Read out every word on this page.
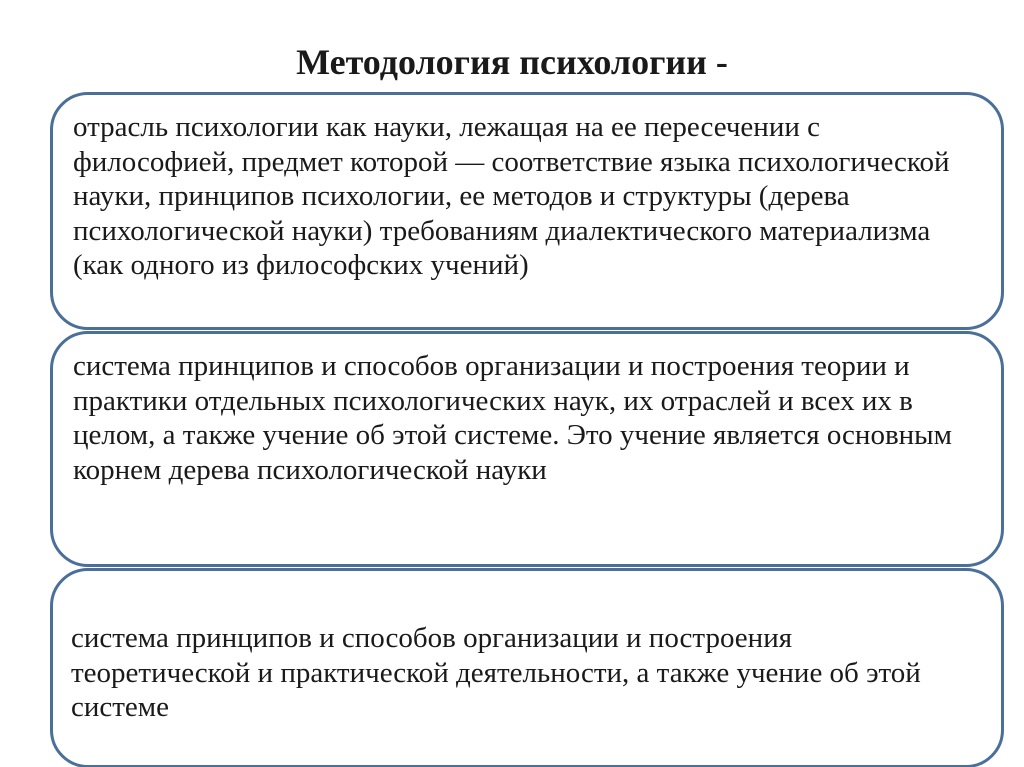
Методология психологии -
отрасль психологии как науки, лежащая на ее пересечении с философией, предмет которой — соответствие языка психологической науки, принципов психологии, ее методов и структуры (дерева психологической науки) требованиям диалектического материализма (как одного из философских учений)
система принципов и способов организации и построения теории и практики отдельных психологических наук, их отраслей и всех их в целом, а также учение об этой системе. Это учение является основным корнем дерева психологической науки
система принципов и способов организации и построения теоретической и практической деятельности, а также учение об этой системе
